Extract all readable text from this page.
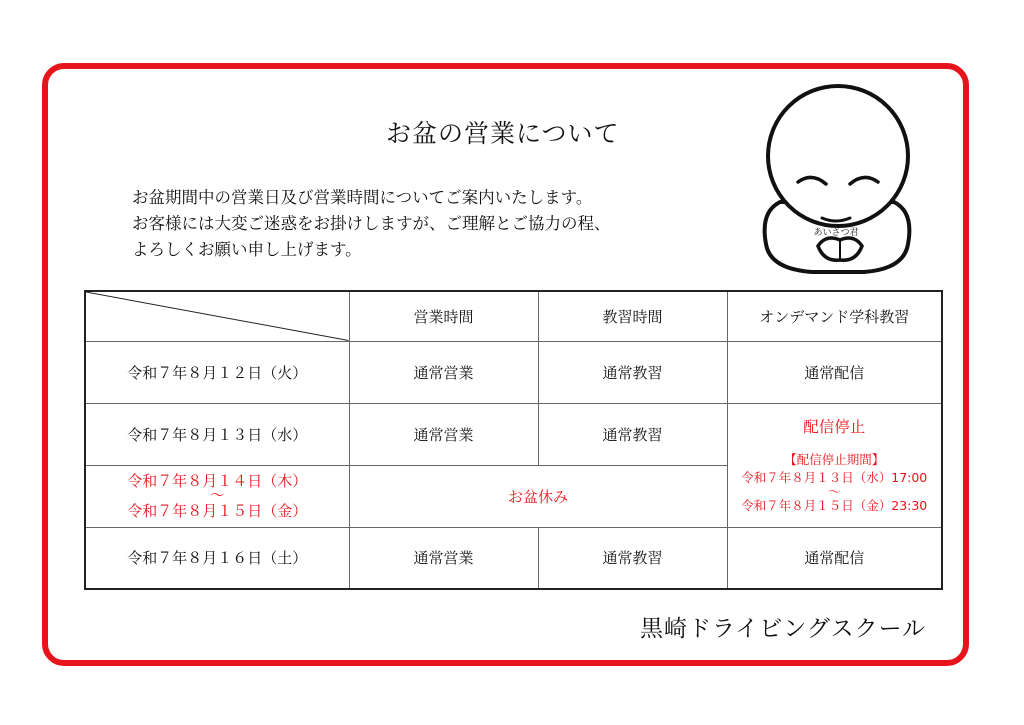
お盆の営業について
お盆期間中の営業日及び営業時間についてご案内いたします。
お客様には大変ご迷惑をお掛けしますが、ご理解とご協力の程、
よろしくお願い申し上げます。
あいさつ君
	営業時間	教習時間	オンデマンド学科教習
令和７年８月１２日（火）	通常営業	通常教習	通常配信
令和７年８月１３日（水）	通常営業	通常教習	配信停止
【配信停止期間】
令和７年８月１３日（水）17:00
～
令和７年８月１５日（金）23:30

令和７年８月１４日（木）
～
令和７年８月１５日（金）	お盆休み		
令和７年８月１６日（土）	通常営業	通常教習	通常配信
黒崎ドライビングスクール
